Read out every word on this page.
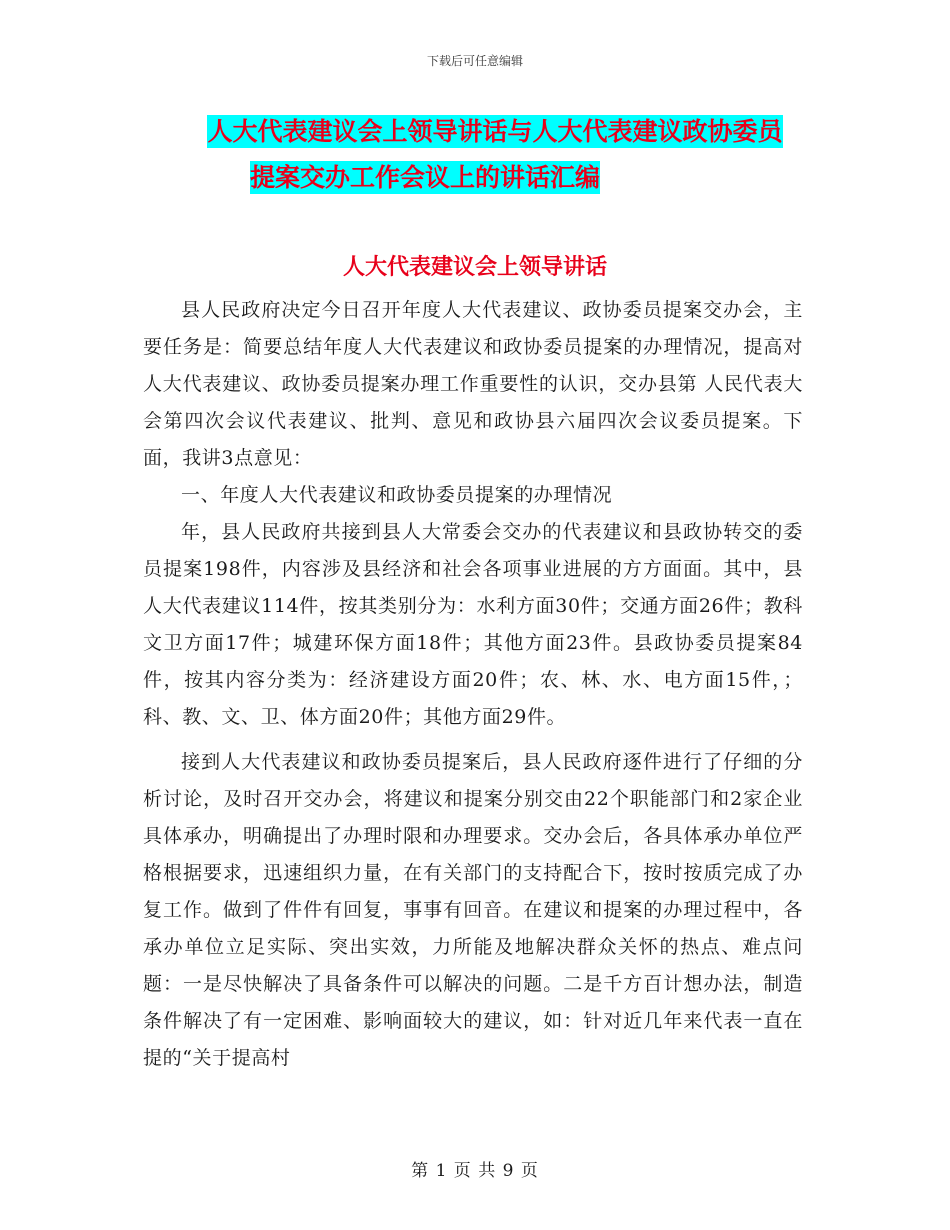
下载后可任意编辑
人大代表建议会上领导讲话与人大代表建议政协委员
提案交办工作会议上的讲话汇编
人大代表建议会上领导讲话

县人民政府决定今日召开年度人大代表建议、政协委员提案交办会，主要任务是：简要总结年度人大代表建议和政协委员提案的办理情况，提高对人大代表建议、政协委员提案办理工作重要性的认识，交办县第 人民代表大会第四次会议代表建议、批判、意见和政协县六届四次会议委员提案。下面，我讲3点意见：

一、年度人大代表建议和政协委员提案的办理情况

年，县人民政府共接到县人大常委会交办的代表建议和县政协转交的委员提案198件，内容涉及县经济和社会各项事业进展的方方面面。其中，县人大代表建议114件，按其类别分为：水利方面30件；交通方面26件；教科文卫方面17件；城建环保方面18件；其他方面23件。县政协委员提案84件，按其内容分类为：经济建设方面20件；农、林、水、电方面15件，；科、教、文、卫、体方面20件；其他方面29件。

接到人大代表建议和政协委员提案后，县人民政府逐件进行了仔细的分析讨论，及时召开交办会，将建议和提案分别交由22个职能部门和2家企业具体承办，明确提出了办理时限和办理要求。交办会后，各具体承办单位严格根据要求，迅速组织力量，在有关部门的支持配合下，按时按质完成了办复工作。做到了件件有回复，事事有回音。在建议和提案的办理过程中，各承办单位立足实际、突出实效，力所能及地解决群众关怀的热点、难点问题：一是尽快解决了具备条件可以解决的问题。二是千方百计想办法，制造条件解决了有一定困难、影响面较大的建议，如：针对近几年来代表一直在提的“关于提高村

第 1 页 共 9 页
